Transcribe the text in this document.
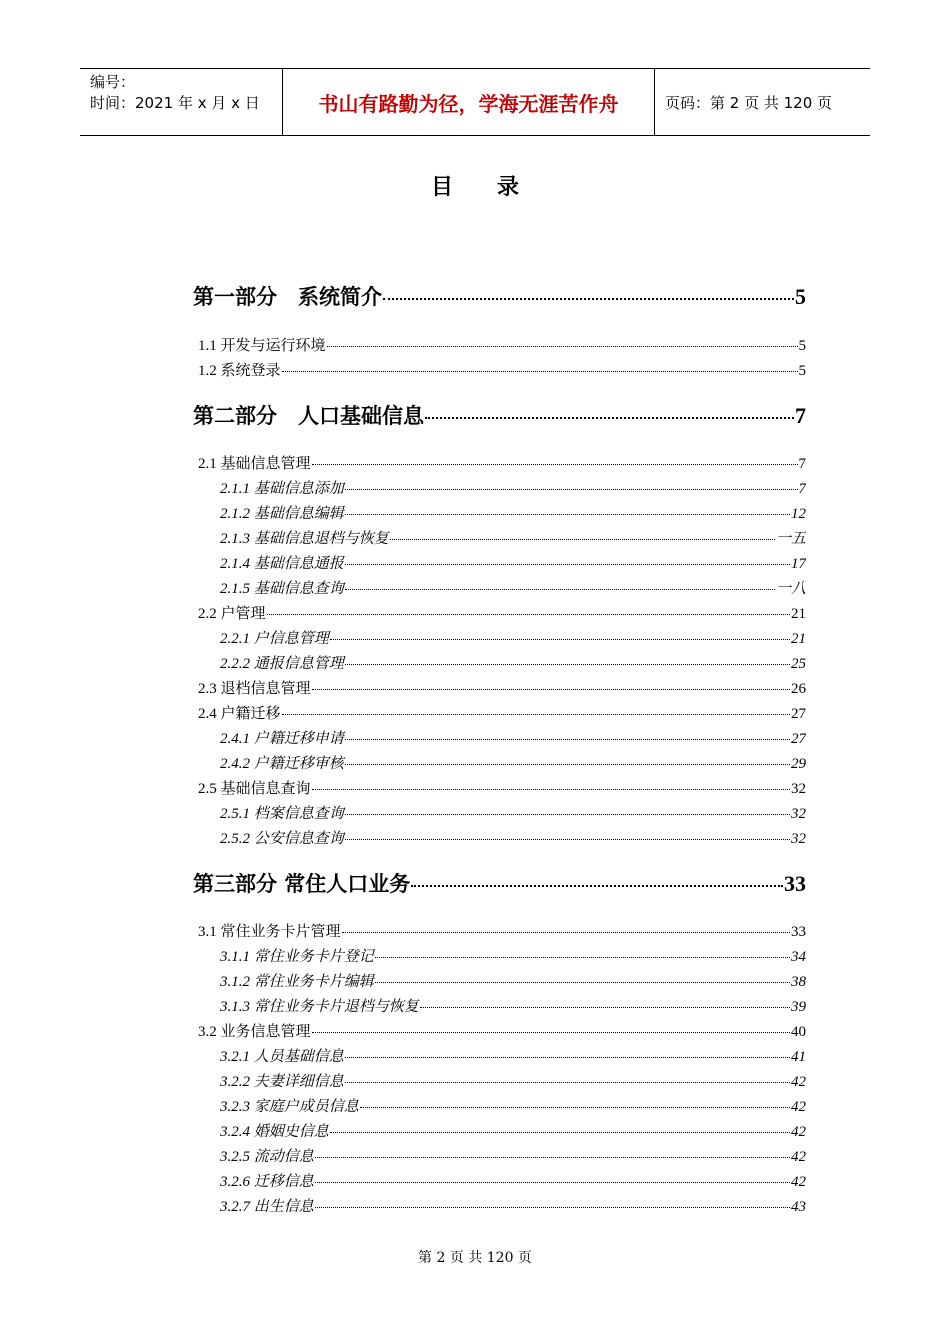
编号：
时间：2021 年 x 月 x 日	书山有路勤为径，学海无涯苦作舟	页码：第 2 页 共 120 页
目录
第一部分　系统简介	5
1.1 开发与运行环境	5
1.2 系统登录	5
第二部分　人口基础信息	7
2.1 基础信息管理	7
2.1.1 基础信息添加	7
2.1.2 基础信息编辑	12
2.1.3 基础信息退档与恢复	一五
2.1.4 基础信息通报	17
2.1.5 基础信息查询	一八
2.2 户管理	21
2.2.1 户信息管理	21
2.2.2 通报信息管理	25
2.3 退档信息管理	26
2.4 户籍迁移	27
2.4.1 户籍迁移申请	27
2.4.2 户籍迁移审核	29
2.5 基础信息查询	32
2.5.1 档案信息查询	32
2.5.2 公安信息查询	32
第三部分 常住人口业务	33
3.1 常住业务卡片管理	33
3.1.1 常住业务卡片登记	34
3.1.2 常住业务卡片编辑	38
3.1.3 常住业务卡片退档与恢复	39
3.2 业务信息管理	40
3.2.1 人员基础信息	41
3.2.2 夫妻详细信息	42
3.2.3 家庭户成员信息	42
3.2.4 婚姻史信息	42
3.2.5 流动信息	42
3.2.6 迁移信息	42
3.2.7 出生信息	43
第 2 页 共 120 页
